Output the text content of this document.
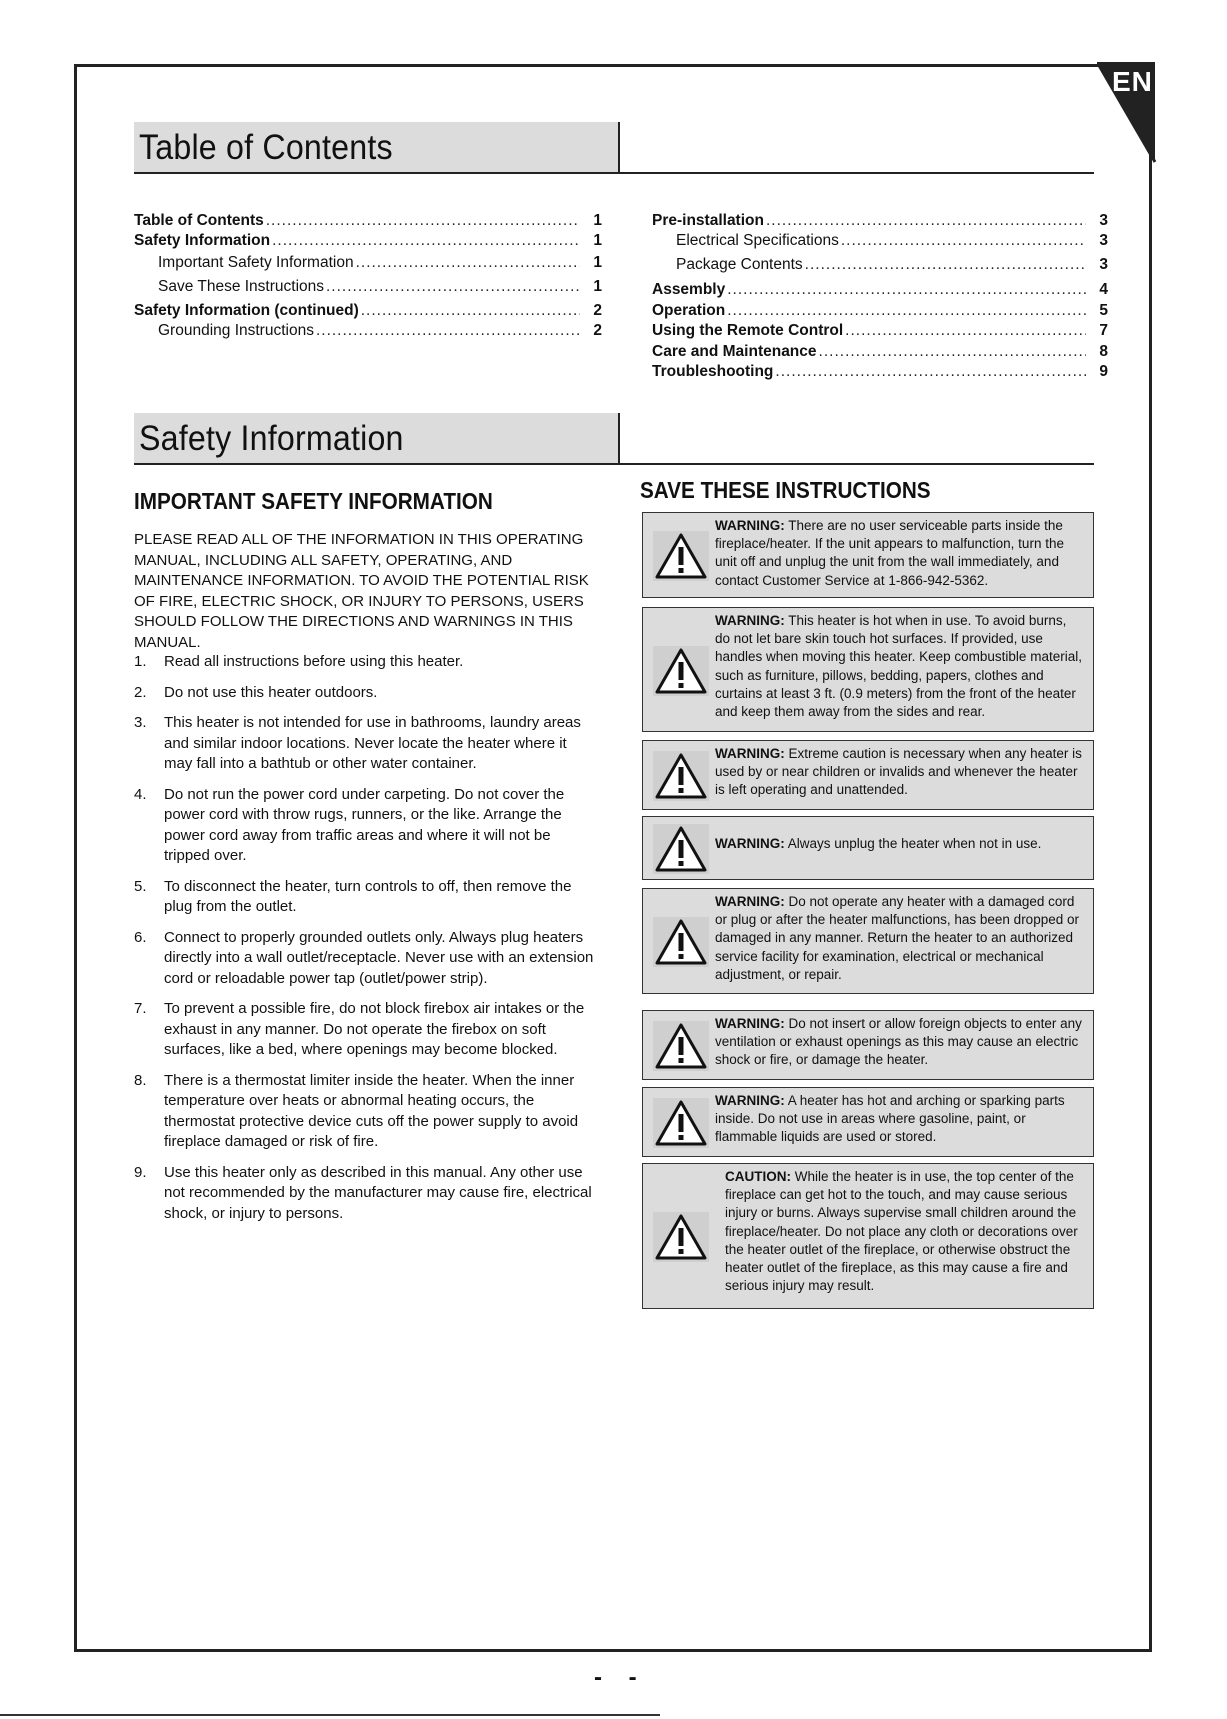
EN
Table of Contents
Table of Contents .....	1
Safety Information .....	1
Important Safety Information .....	1
Save These Instructions .....	1
Safety Information (continued) .....	2
Grounding Instructions .....	2
Pre-installation .....	3
Electrical Specifications .....	3
Package Contents .....	3
Assembly .....	4
Operation .....	5
Using the Remote Control .....	7
Care and Maintenance .....	8
Troubleshooting .....	9
Safety Information
IMPORTANT SAFETY INFORMATION
PLEASE READ ALL OF THE INFORMATION IN THIS OPERATING MANUAL, INCLUDING ALL SAFETY, OPERATING, AND MAINTENANCE INFORMATION. TO AVOID THE POTENTIAL RISK OF FIRE, ELECTRIC SHOCK, OR INJURY TO PERSONS, USERS SHOULD FOLLOW THE DIRECTIONS AND WARNINGS IN THIS MANUAL.
1. Read all instructions before using this heater.
2. Do not use this heater outdoors.
3. This heater is not intended for use in bathrooms, laundry areas and similar indoor locations. Never locate the heater where it may fall into a bathtub or other water container.
4. Do not run the power cord under carpeting. Do not cover the power cord with throw rugs, runners, or the like. Arrange the power cord away from traffic areas and where it will not be tripped over.
5. To disconnect the heater, turn controls to off, then remove the plug from the outlet.
6. Connect to properly grounded outlets only. Always plug heaters directly into a wall outlet/receptacle. Never use with an extension cord or reloadable power tap (outlet/power strip).
7. To prevent a possible fire, do not block firebox air intakes or the exhaust in any manner. Do not operate the firebox on soft surfaces, like a bed, where openings may become blocked.
8. There is a thermostat limiter inside the heater. When the inner temperature over heats or abnormal heating occurs, the thermostat protective device cuts off the power supply to avoid fireplace damaged or risk of fire.
9. Use this heater only as described in this manual. Any other use not recommended by the manufacturer may cause fire, electrical shock, or injury to persons.
SAVE THESE INSTRUCTIONS
WARNING: There are no user serviceable parts inside the fireplace/heater. If the unit appears to malfunction, turn the unit off and unplug the unit from the wall immediately, and contact Customer Service at 1-866-942-5362.
WARNING: This heater is hot when in use. To avoid burns, do not let bare skin touch hot surfaces. If provided, use handles when moving this heater. Keep combustible material, such as furniture, pillows, bedding, papers, clothes and curtains at least 3 ft. (0.9 meters) from the front of the heater and keep them away from the sides and rear.
WARNING: Extreme caution is necessary when any heater is used by or near children or invalids and whenever the heater is left operating and unattended.
WARNING: Always unplug the heater when not in use.
WARNING: Do not operate any heater with a damaged cord or plug or after the heater malfunctions, has been dropped or damaged in any manner. Return the heater to an authorized service facility for examination, electrical or mechanical adjustment, or repair.
WARNING: Do not insert or allow foreign objects to enter any ventilation or exhaust openings as this may cause an electric shock or fire, or damage the heater.
WARNING: A heater has hot and arching or sparking parts inside. Do not use in areas where gasoline, paint, or flammable liquids are used or stored.
CAUTION: While the heater is in use, the top center of the fireplace can get hot to the touch, and may cause serious injury or burns. Always supervise small children around the fireplace/heater. Do not place any cloth or decorations over the heater outlet of the fireplace, or otherwise obstruct the heater outlet of the fireplace, as this may cause a fire and serious injury may result.
- -
